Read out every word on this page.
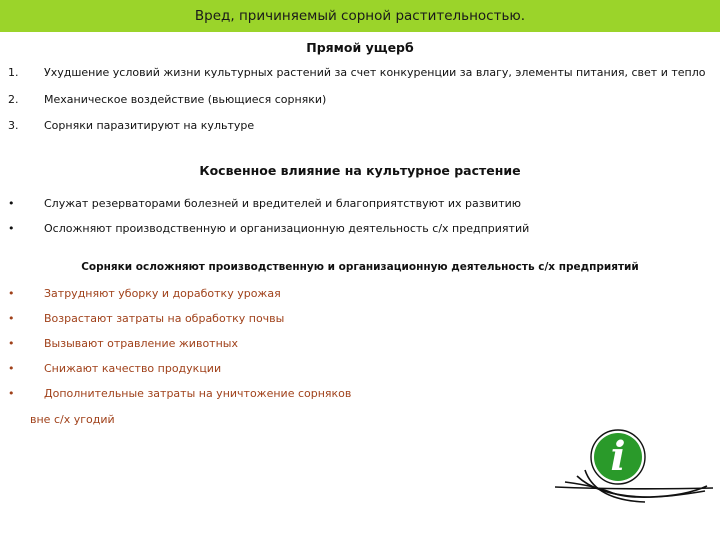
Вред, причиняемый сорной растительностью.
Прямой ущерб
1. Ухудшение условий жизни культурных растений за счет конкуренции за влагу, элементы питания, свет и тепло
2. Механическое воздействие (вьющиеся сорняки)
3. Сорняки паразитируют на культуре
Косвенное влияние на культурное растение
•	Служат резерваторами болезней и вредителей и благоприятствуют их развитию
•	Осложняют производственную и организационную деятельность с/х предприятий
Сорняки осложняют производственную и организационную деятельность с/х предприятий
•	Затрудняют уборку и доработку урожая
•	Возрастают затраты на обработку почвы
•	Вызывают отравление животных
•	Снижают качество продукции
•	Дополнительные затраты на уничтожение сорняков
вне с/х угодий
i
